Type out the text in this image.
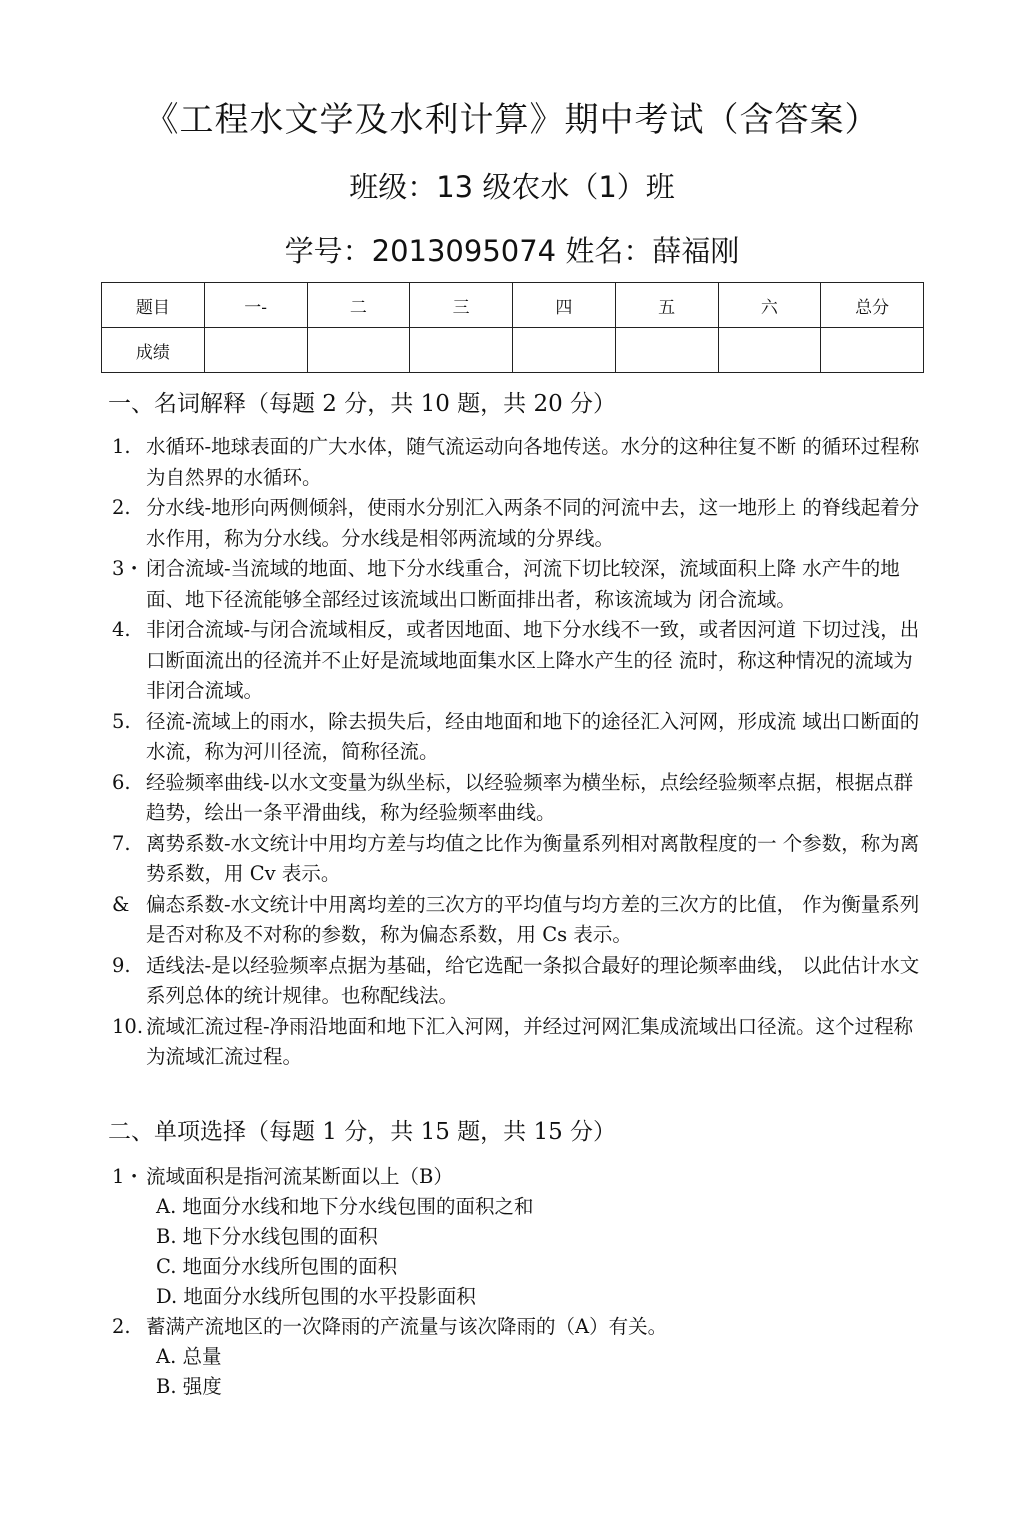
《工程水文学及水利计算》期中考试（含答案）
班级：13 级农水（1）班
学号：2013095074 姓名：薛福刚
题目	一-	二	三	四	五	六	总分
成绩							
一、名词解释（每题 2 分，共 10 题，共 20 分）
1. 水循环-地球表面的广大水体，随气流运动向各地传送。水分的这种往复不断 的循环过程称为自然界的水循环。
2. 分水线-地形向两侧倾斜，使雨水分别汇入两条不同的河流中去，这一地形上 的脊线起着分水作用，称为分水线。分水线是相邻两流域的分界线。
3・ 闭合流域-当流域的地面、地下分水线重合，河流下切比较深，流域面积上降 水产牛的地面、地下径流能够全部经过该流域出口断面排出者，称该流域为 闭合流域。
4. 非闭合流域-与闭合流域相反，或者因地面、地下分水线不一致，或者因河道 下切过浅，出口断面流出的径流并不止好是流域地面集水区上降水产生的径 流时，称这种情况的流域为非闭合流域。
5. 径流-流域上的雨水，除去损失后，经由地面和地下的途径汇入河网，形成流 域出口断面的水流，称为河川径流，简称径流。
6. 经验频率曲线-以水文变量为纵坐标，以经验频率为横坐标，点绘经验频率点据，根据点群趋势，绘出一条平滑曲线，称为经验频率曲线。
7. 离势系数-水文统计中用均方差与均值之比作为衡量系列相对离散程度的一 个参数，称为离势系数，用 Cv 表示。
& 偏态系数-水文统计中用离均差的三次方的平均值与均方差的三次方的比值， 作为衡量系列是否对称及不对称的参数，称为偏态系数，用 Cs 表示。
9. 适线法-是以经验频率点据为基础，给它选配一条拟合最好的理论频率曲线， 以此估计水文系列总体的统计规律。也称配线法。
10. 流域汇流过程-净雨沿地面和地下汇入河网，并经过河网汇集成流域出口径流。这个过程称为流域汇流过程。
二、单项选择（每题 1 分，共 15 题，共 15 分）
1・ 流域面积是指河流某断面以上（B）
A. 地面分水线和地下分水线包围的面积之和
B. 地下分水线包围的面积
C. 地面分水线所包围的面积
D. 地面分水线所包围的水平投影面积
2. 蓄满产流地区的一次降雨的产流量与该次降雨的（A）有关。
A. 总量
B. 强度
